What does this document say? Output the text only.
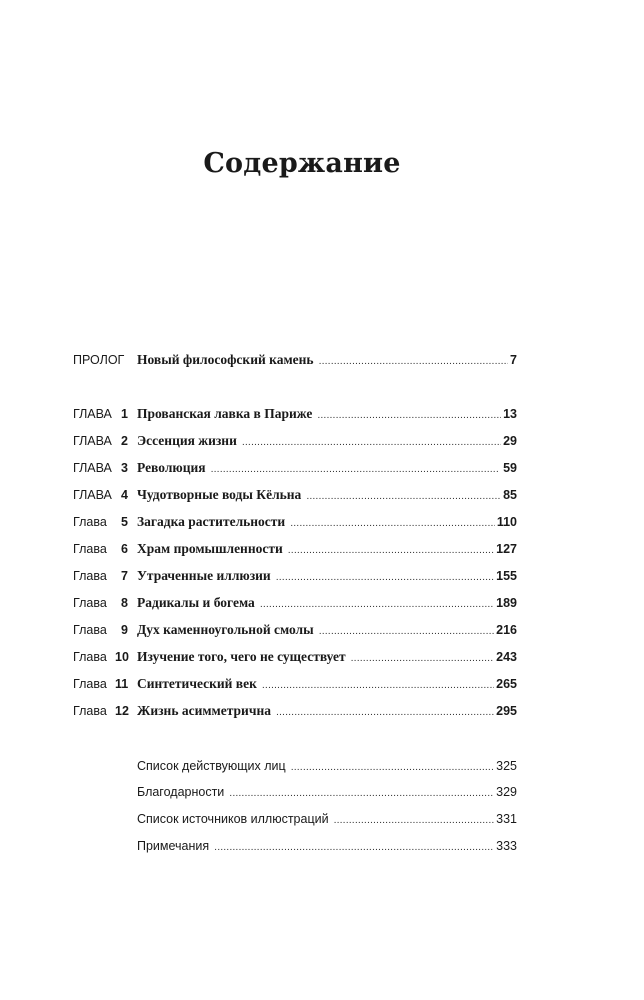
Содержание
ПРОЛОГ Новый философский камень . . .	7
ГЛАВА 1 Прованская лавка в Париже . . .	13
ГЛАВА 2 Эссенция жизни . . .	29
ГЛАВА 3 Революция . . .	59
ГЛАВА 4 Чудотворные воды Кёльна . . .	85
Глава	5 Загадка растительности . . .	110
Глава	6 Храм промышленности . . .	127
Глава	7 Утраченные иллюзии . . .	155
Глава	8 Радикалы и богема . . .	189
Глава	9 Дух каменноугольной смолы . . .	216
Глава 10 Изучение того, чего не существует . . .	243
Глава 11 Синтетический век . . .	265
Глава 12 Жизнь асимметрична . . .	295
Список действующих лиц . . .	325
Благодарности . . .	329
Список источников иллюстраций . . .	331
Примечания . . .	333
